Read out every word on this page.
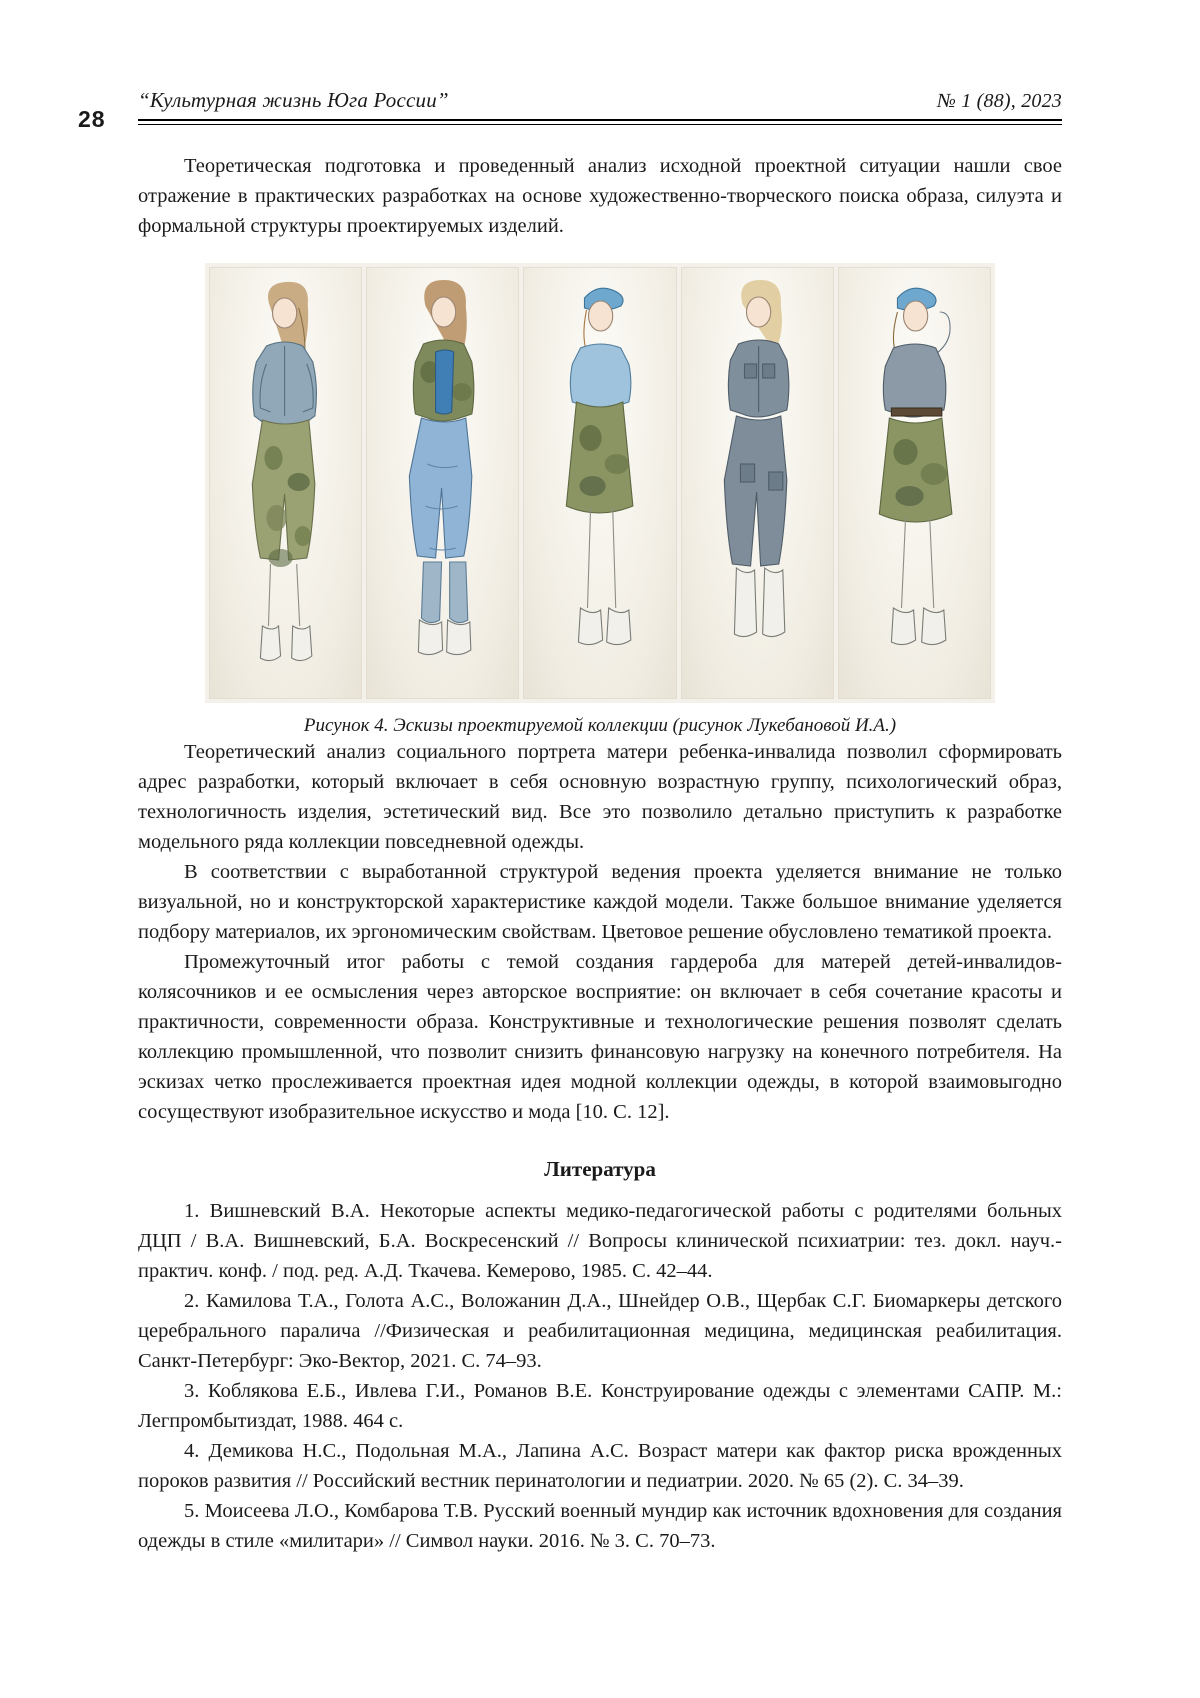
28
“Культурная жизнь Юга России”	№ 1 (88), 2023

Теоретическая подготовка и проведенный анализ исходной проектной ситуации нашли свое отражение в практических разработках на основе художественно-творческого поиска образа, силуэта и формальной структуры проектируемых изделий.

Рисунок 4. Эскизы проектируемой коллекции (рисунок Лукебановой И.А.)

Теоретический анализ социального портрета матери ребенка-инвалида позволил сформировать адрес разработки, который включает в себя основную возрастную группу, психологический образ, технологичность изделия, эстетический вид. Все это позволило детально приступить к разработке модельного ряда коллекции повседневной одежды.

В соответствии с выработанной структурой ведения проекта уделяется внимание не только визуальной, но и конструкторской характеристике каждой модели. Также большое внимание уделяется подбору материалов, их эргономическим свойствам. Цветовое решение обусловлено тематикой проекта.

Промежуточный итог работы с темой создания гардероба для матерей детей-инвалидов-колясочников и ее осмысления через авторское восприятие: он включает в себя сочетание красоты и практичности, современности образа. Конструктивные и технологические решения позволят сделать коллекцию промышленной, что позволит снизить финансовую нагрузку на конечного потребителя. На эскизах четко прослеживается проектная идея модной коллекции одежды, в которой взаимовыгодно сосуществуют изобразительное искусство и мода [10. С. 12].

Литература

1. Вишневский В.А. Некоторые аспекты медико-педагогической работы с родителями больных ДЦП / В.А. Вишневский, Б.А. Воскресенский // Вопросы клинической психиатрии: тез. докл. науч.-практич. конф. / под. ред. А.Д. Ткачева. Кемерово, 1985. С. 42–44.

2. Камилова Т.А., Голота А.С., Воложанин Д.А., Шнейдер О.В., Щербак С.Г. Биомаркеры детского церебрального паралича //Физическая и реабилитационная медицина, медицинская реабилитация. Санкт-Петербург: Эко-Вектор, 2021. С. 74–93.

3. Коблякова Е.Б., Ивлева Г.И., Романов В.Е. Конструирование одежды с элементами САПР. М.: Легпромбытиздат, 1988. 464 с.

4. Демикова Н.С., Подольная М.А., Лапина А.С. Возраст матери как фактор риска врожденных пороков развития // Российский вестник перинатологии и педиатрии. 2020. № 65 (2). С. 34–39.

5. Моисеева Л.О., Комбарова Т.В. Русский военный мундир как источник вдохновения для создания одежды в стиле «милитари» // Символ науки. 2016. № 3. С. 70–73.
